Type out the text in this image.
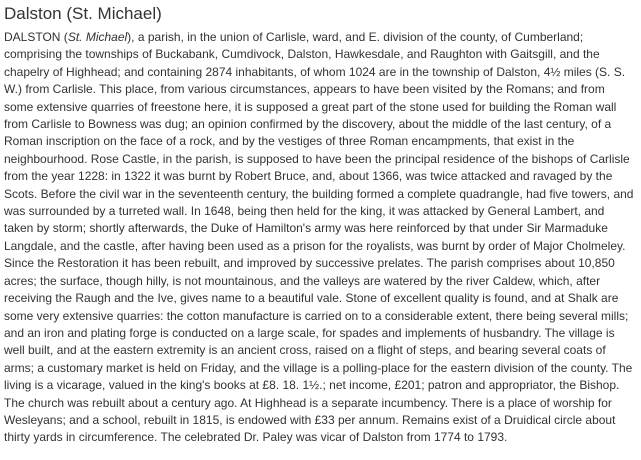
Dalston (St. Michael)

DALSTON (St. Michael), a parish, in the union of Carlisle, ward, and E. division of the county, of Cumberland; comprising the townships of Buckabank, Cumdivock, Dalston, Hawkesdale, and Raughton with Gaitsgill, and the chapelry of Highhead; and containing 2874 inhabitants, of whom 1024 are in the township of Dalston, 4½ miles (S. S. W.) from Carlisle. This place, from various circumstances, appears to have been visited by the Romans; and from some extensive quarries of freestone here, it is supposed a great part of the stone used for building the Roman wall from Carlisle to Bowness was dug; an opinion confirmed by the discovery, about the middle of the last century, of a Roman inscription on the face of a rock, and by the vestiges of three Roman encampments, that exist in the neighbourhood. Rose Castle, in the parish, is supposed to have been the principal residence of the bishops of Carlisle from the year 1228: in 1322 it was burnt by Robert Bruce, and, about 1366, was twice attacked and ravaged by the Scots. Before the civil war in the seventeenth century, the building formed a complete quadrangle, had five towers, and was surrounded by a turreted wall. In 1648, being then held for the king, it was attacked by General Lambert, and taken by storm; shortly afterwards, the Duke of Hamilton's army was here reinforced by that under Sir Marmaduke Langdale, and the castle, after having been used as a prison for the royalists, was burnt by order of Major Cholmeley. Since the Restoration it has been rebuilt, and improved by successive prelates. The parish comprises about 10,850 acres; the surface, though hilly, is not mountainous, and the valleys are watered by the river Caldew, which, after receiving the Raugh and the Ive, gives name to a beautiful vale. Stone of excellent quality is found, and at Shalk are some very extensive quarries: the cotton manufacture is carried on to a considerable extent, there being several mills; and an iron and plating forge is conducted on a large scale, for spades and implements of husbandry. The village is well built, and at the eastern extremity is an ancient cross, raised on a flight of steps, and bearing several coats of arms; a customary market is held on Friday, and the village is a polling-place for the eastern division of the county. The living is a vicarage, valued in the king's books at £8. 18. 1½.; net income, £201; patron and appropriator, the Bishop. The church was rebuilt about a century ago. At Highhead is a separate incumbency. There is a place of worship for Wesleyans; and a school, rebuilt in 1815, is endowed with £33 per annum. Remains exist of a Druidical circle about thirty yards in circumference. The celebrated Dr. Paley was vicar of Dalston from 1774 to 1793.
